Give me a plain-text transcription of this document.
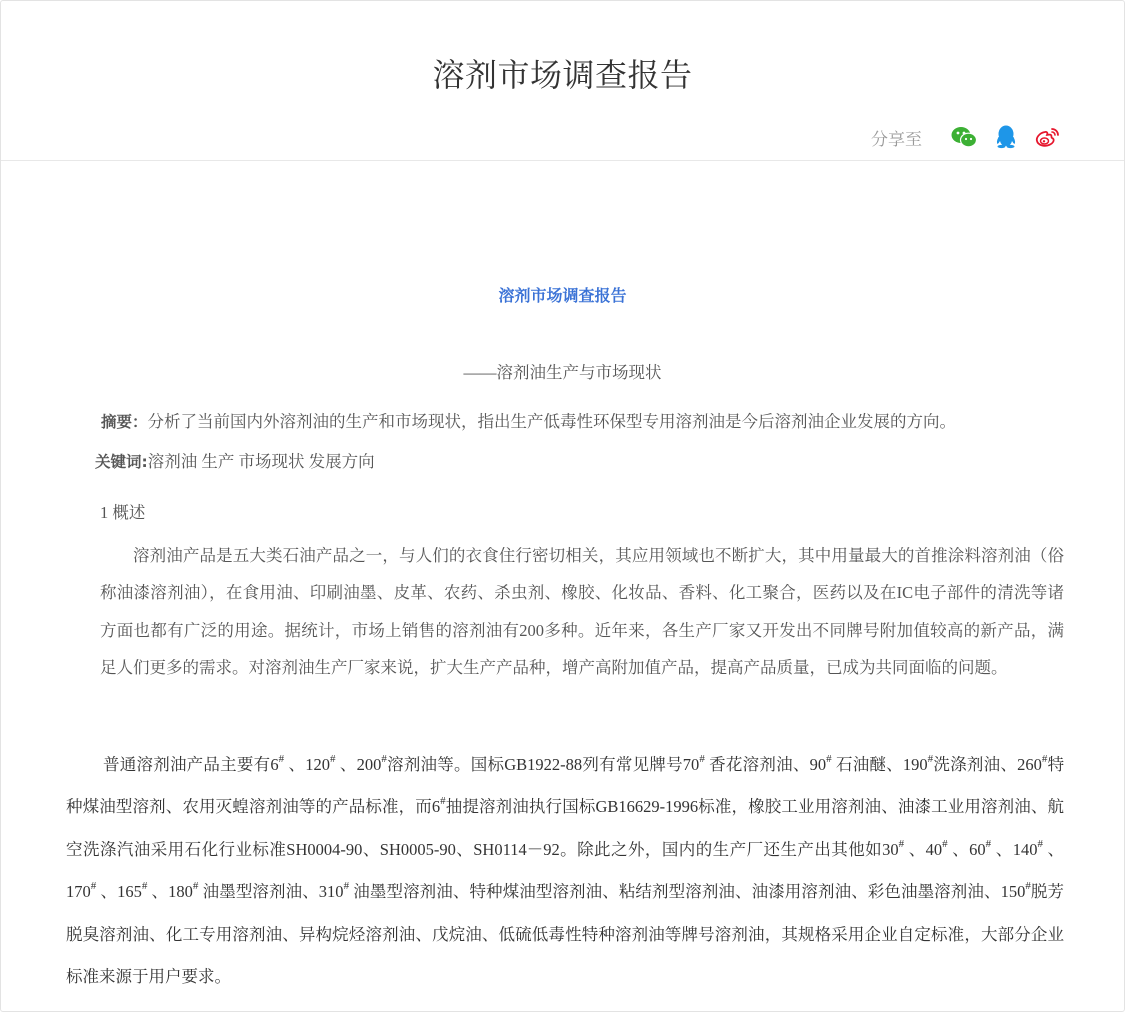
溶剂市场调查报告
分享至
溶剂市场调查报告
——溶剂油生产与市场现状
摘要：分析了当前国内外溶剂油的生产和市场现状，指出生产低毒性环保型专用溶剂油是今后溶剂油企业发展的方向。
关键词:溶剂油 生产 市场现状 发展方向
1 概述

溶剂油产品是五大类石油产品之一，与人们的衣食住行密切相关，其应用领域也不断扩大，其中用量最大的首推涂料溶剂油（俗称油漆溶剂油），在食用油、印刷油墨、皮革、农药、杀虫剂、橡胶、化妆品、香料、化工聚合，医药以及在IC电子部件的清洗等诸方面也都有广泛的用途。据统计，市场上销售的溶剂油有200多种。近年来，各生产厂家又开发出不同牌号附加值较高的新产品，满足人们更多的需求。对溶剂油生产厂家来说，扩大生产产品种，增产高附加值产品，提高产品质量，已成为共同面临的问题。

普通溶剂油产品主要有6# 、120# 、200#溶剂油等。国标GB1922-88列有常见牌号70# 香花溶剂油、90# 石油醚、190#洗涤剂油、260#特种煤油型溶剂、农用灭蝗溶剂油等的产品标准，而6#抽提溶剂油执行国标GB16629-1996标准，橡胶工业用溶剂油、油漆工业用溶剂油、航空洗涤汽油采用石化行业标准SH0004-90、SH0005-90、SH0114－92。除此之外，国内的生产厂还生产出其他如30# 、40# 、60# 、140# 、170# 、165# 、180# 油墨型溶剂油、310# 油墨型溶剂油、特种煤油型溶剂油、粘结剂型溶剂油、油漆用溶剂油、彩色油墨溶剂油、150#脱芳脱臭溶剂油、化工专用溶剂油、异构烷烃溶剂油、戊烷油、低硫低毒性特种溶剂油等牌号溶剂油，其规格采用企业自定标准，大部分企业标准来源于用户要求。
